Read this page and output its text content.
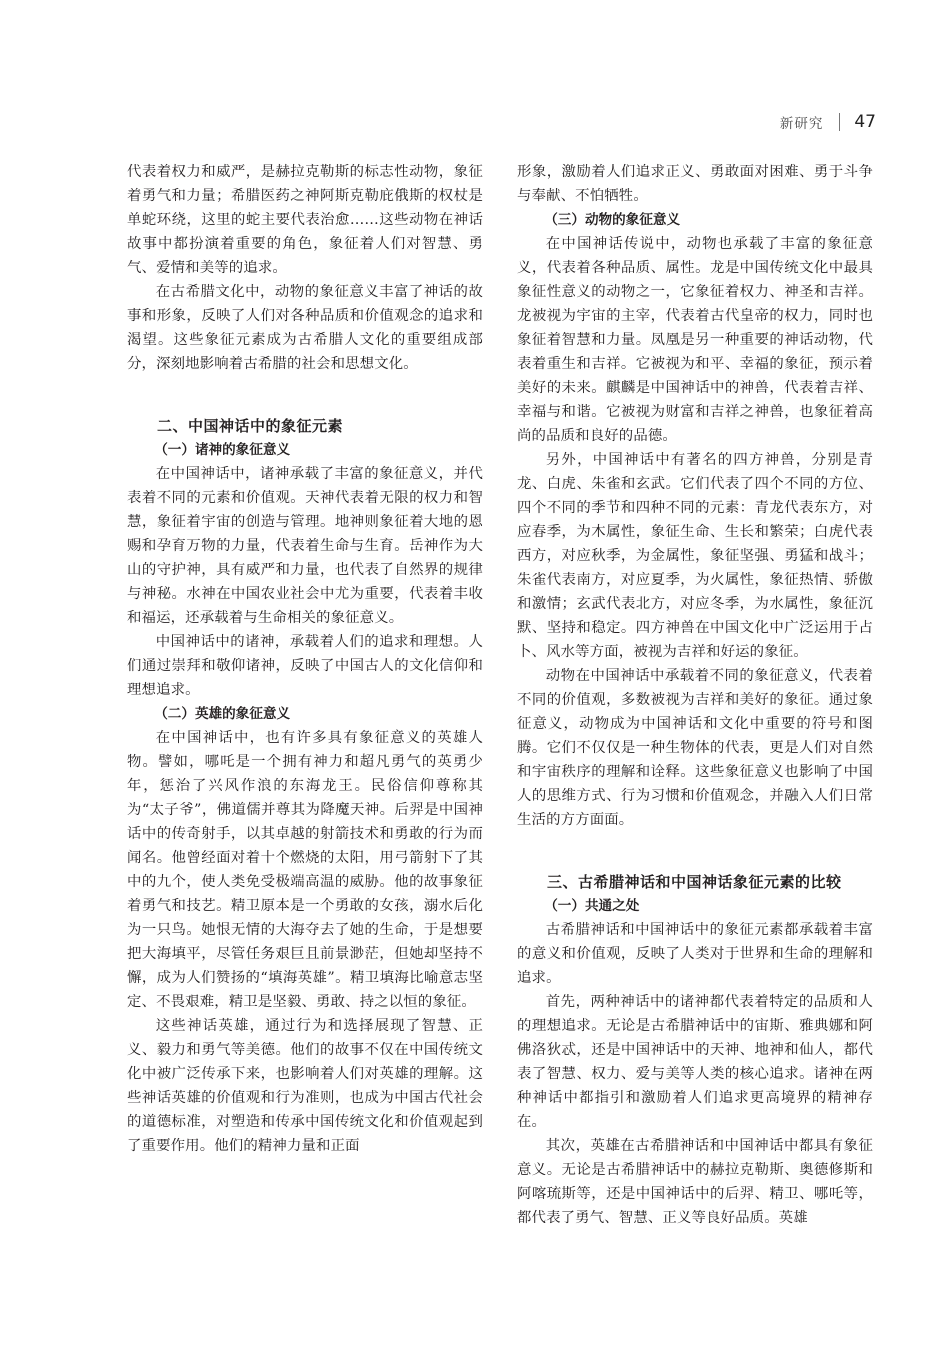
新研究 47

代表着权力和威严，是赫拉克勒斯的标志性动物，象征着勇气和力量；希腊医药之神阿斯克勒庇俄斯的权杖是单蛇环绕，这里的蛇主要代表治愈……这些动物在神话故事中都扮演着重要的角色，象征着人们对智慧、勇气、爱情和美等的追求。

在古希腊文化中，动物的象征意义丰富了神话的故事和形象，反映了人们对各种品质和价值观念的追求和渴望。这些象征元素成为古希腊人文化的重要组成部分，深刻地影响着古希腊的社会和思想文化。

二、中国神话中的象征元素
（一）诸神的象征意义

在中国神话中，诸神承载了丰富的象征意义，并代表着不同的元素和价值观。天神代表着无限的权力和智慧，象征着宇宙的创造与管理。地神则象征着大地的恩赐和孕育万物的力量，代表着生命与生育。岳神作为大山的守护神，具有威严和力量，也代表了自然界的规律与神秘。水神在中国农业社会中尤为重要，代表着丰收和福运，还承载着与生命相关的象征意义。

中国神话中的诸神，承载着人们的追求和理想。人们通过崇拜和敬仰诸神，反映了中国古人的文化信仰和理想追求。

（二）英雄的象征意义

在中国神话中，也有许多具有象征意义的英雄人物。譬如，哪吒是一个拥有神力和超凡勇气的英勇少年，惩治了兴风作浪的东海龙王。民俗信仰尊称其为“太子爷”，佛道儒并尊其为降魔天神。后羿是中国神话中的传奇射手，以其卓越的射箭技术和勇敢的行为而闻名。他曾经面对着十个燃烧的太阳，用弓箭射下了其中的九个，使人类免受极端高温的威胁。他的故事象征着勇气和技艺。精卫原本是一个勇敢的女孩，溺水后化为一只鸟。她恨无情的大海夺去了她的生命，于是想要把大海填平，尽管任务艰巨且前景渺茫，但她却坚持不懈，成为人们赞扬的“填海英雄”。精卫填海比喻意志坚定、不畏艰难，精卫是坚毅、勇敢、持之以恒的象征。

这些神话英雄，通过行为和选择展现了智慧、正义、毅力和勇气等美德。他们的故事不仅在中国传统文化中被广泛传承下来，也影响着人们对英雄的理解。这些神话英雄的价值观和行为准则，也成为中国古代社会的道德标准，对塑造和传承中国传统文化和价值观起到了重要作用。他们的精神力量和正面

形象，激励着人们追求正义、勇敢面对困难、勇于斗争与奉献、不怕牺牲。

（三）动物的象征意义

在中国神话传说中，动物也承载了丰富的象征意义，代表着各种品质、属性。龙是中国传统文化中最具象征性意义的动物之一，它象征着权力、神圣和吉祥。龙被视为宇宙的主宰，代表着古代皇帝的权力，同时也象征着智慧和力量。凤凰是另一种重要的神话动物，代表着重生和吉祥。它被视为和平、幸福的象征，预示着美好的未来。麒麟是中国神话中的神兽，代表着吉祥、幸福与和谐。它被视为财富和吉祥之神兽，也象征着高尚的品质和良好的品德。

另外，中国神话中有著名的四方神兽，分别是青龙、白虎、朱雀和玄武。它们代表了四个不同的方位、四个不同的季节和四种不同的元素：青龙代表东方，对应春季，为木属性，象征生命、生长和繁荣；白虎代表西方，对应秋季，为金属性，象征坚强、勇猛和战斗；朱雀代表南方，对应夏季，为火属性，象征热情、骄傲和激情；玄武代表北方，对应冬季，为水属性，象征沉默、坚持和稳定。四方神兽在中国文化中广泛运用于占卜、风水等方面，被视为吉祥和好运的象征。

动物在中国神话中承载着不同的象征意义，代表着不同的价值观，多数被视为吉祥和美好的象征。通过象征意义，动物成为中国神话和文化中重要的符号和图腾。它们不仅仅是一种生物体的代表，更是人们对自然和宇宙秩序的理解和诠释。这些象征意义也影响了中国人的思维方式、行为习惯和价值观念，并融入人们日常生活的方方面面。

三、古希腊神话和中国神话象征元素的比较
（一）共通之处

古希腊神话和中国神话中的象征元素都承载着丰富的意义和价值观，反映了人类对于世界和生命的理解和追求。

首先，两种神话中的诸神都代表着特定的品质和人的理想追求。无论是古希腊神话中的宙斯、雅典娜和阿佛洛狄忒，还是中国神话中的天神、地神和仙人，都代表了智慧、权力、爱与美等人类的核心追求。诸神在两种神话中都指引和激励着人们追求更高境界的精神存在。

其次，英雄在古希腊神话和中国神话中都具有象征意义。无论是古希腊神话中的赫拉克勒斯、奥德修斯和阿喀琉斯等，还是中国神话中的后羿、精卫、哪吒等，都代表了勇气、智慧、正义等良好品质。英雄
